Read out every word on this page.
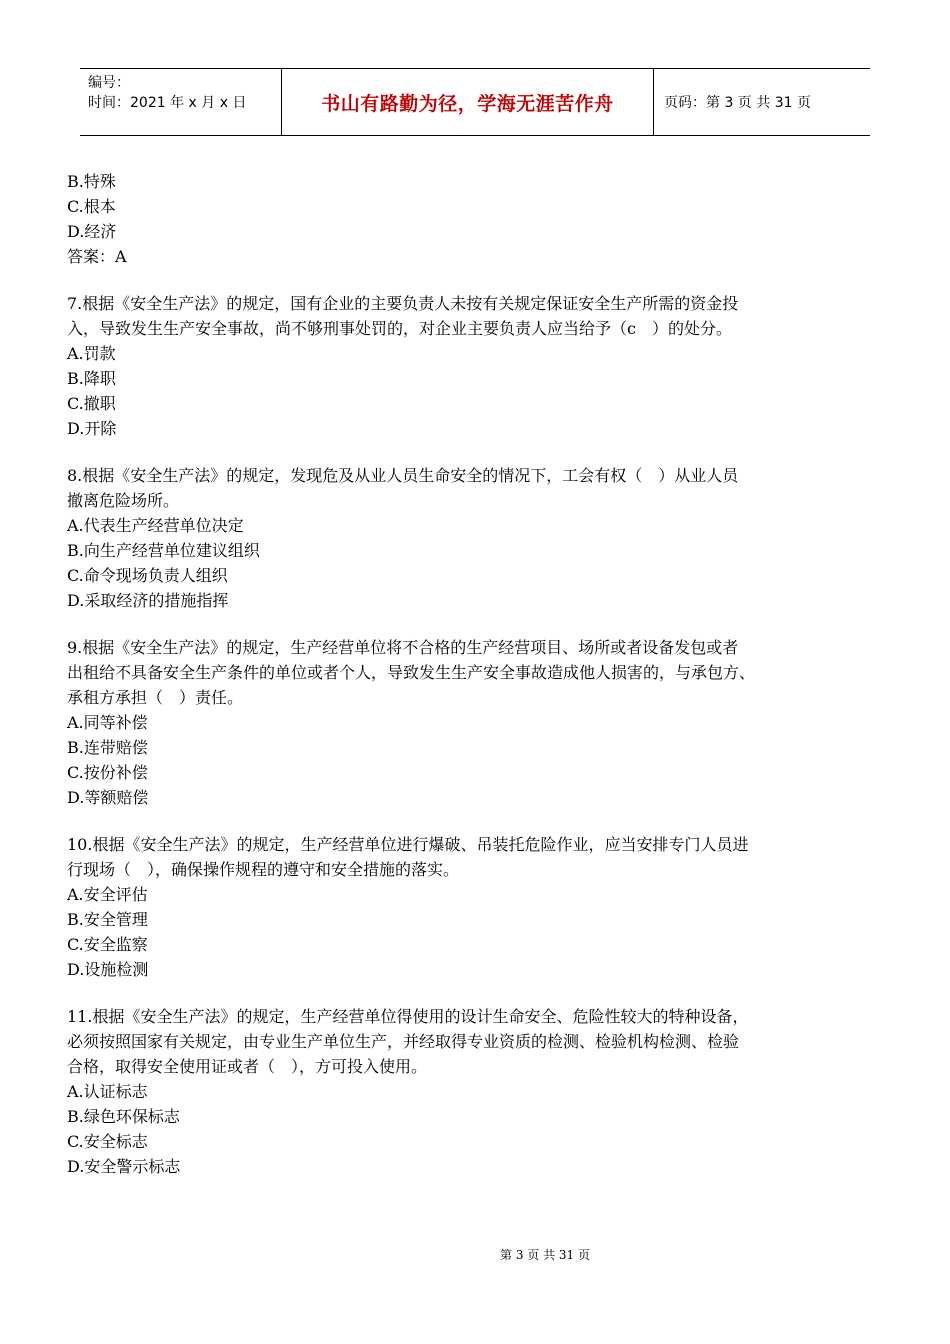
编号：
时间：2021 年 x 月 x 日	书山有路勤为径，学海无涯苦作舟	页码：第 3 页 共 31 页
B.特殊
C.根本
D.经济
答案：A
7.根据《安全生产法》的规定，国有企业的主要负责人未按有关规定保证安全生产所需的资金投
入，导致发生生产安全事故，尚不够刑事处罚的，对企业主要负责人应当给予（c　）的处分。
A.罚款
B.降职
C.撤职
D.开除
8.根据《安全生产法》的规定，发现危及从业人员生命安全的情况下，工会有权（　）从业人员
撤离危险场所。
A.代表生产经营单位决定
B.向生产经营单位建议组织
C.命令现场负责人组织
D.采取经济的措施指挥
9.根据《安全生产法》的规定，生产经营单位将不合格的生产经营项目、场所或者设备发包或者
出租给不具备安全生产条件的单位或者个人，导致发生生产安全事故造成他人损害的，与承包方、
承租方承担（　）责任。
A.同等补偿
B.连带赔偿
C.按份补偿
D.等额赔偿
10.根据《安全生产法》的规定，生产经营单位进行爆破、吊装托危险作业，应当安排专门人员进
行现场（　），确保操作规程的遵守和安全措施的落实。
A.安全评估
B.安全管理
C.安全监察
D.设施检测
11.根据《安全生产法》的规定，生产经营单位得使用的设计生命安全、危险性较大的特种设备，
必须按照国家有关规定，由专业生产单位生产，并经取得专业资质的检测、检验机构检测、检验
合格，取得安全使用证或者（　），方可投入使用。
A.认证标志
B.绿色环保标志
C.安全标志
D.安全警示标志
第 3 页 共 31 页
